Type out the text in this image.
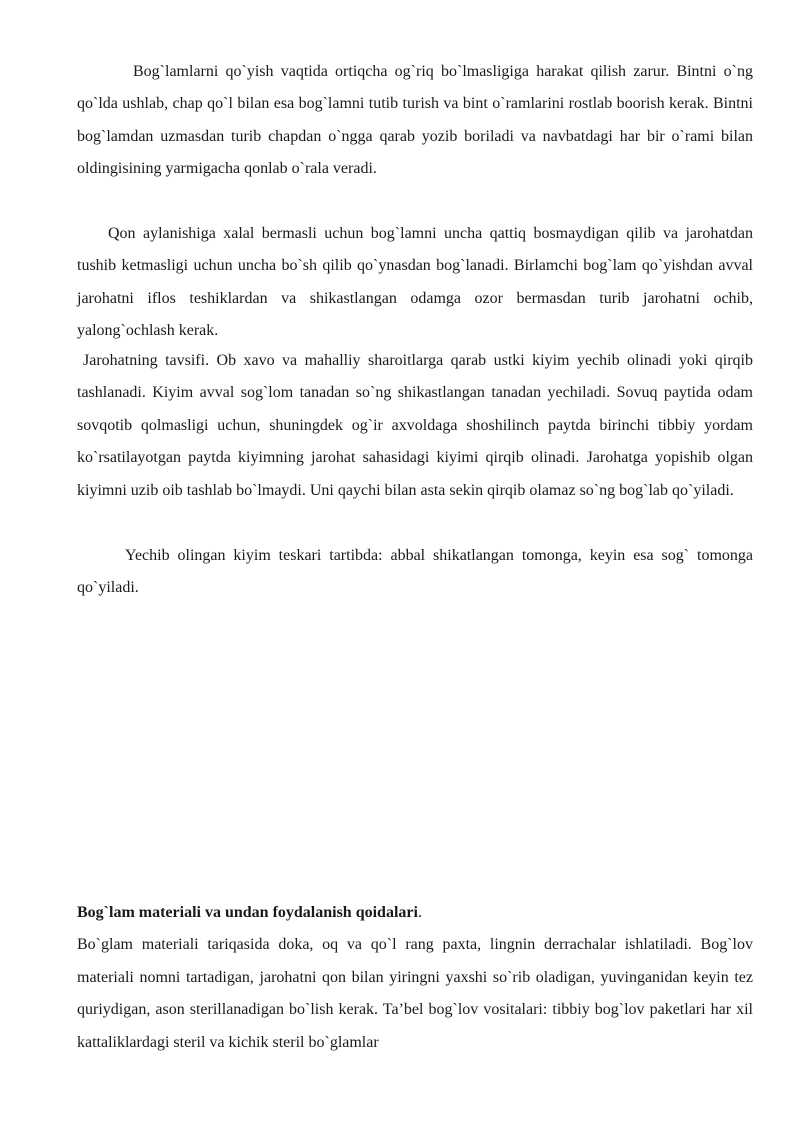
Bog`lamlarni qo`yish vaqtida ortiqcha og`riq bo`lmasligiga harakat qilish zarur. Bintni o`ng qo`lda ushlab, chap qo`l bilan esa bog`lamni tutib turish va bint o`ramlarini rostlab boorish kerak. Bintni bog`lamdan uzmasdan turib chapdan o`ngga qarab yozib boriladi va navbatdagi har bir o`rami bilan oldingisining yarmigacha qonlab o`rala veradi.

Qon aylanishiga xalal bermasli uchun bog`lamni uncha qattiq bosmaydigan qilib va jarohatdan tushib ketmasligi uchun uncha bo`sh qilib qo`ynasdan bog`lanadi. Birlamchi bog`lam qo`yishdan avval jarohatni iflos teshiklardan va shikastlangan odamga ozor bermasdan turib jarohatni ochib, yalong`ochlash kerak.

Jarohatning tavsifi. Ob xavo va mahalliy sharoitlarga qarab ustki kiyim yechib olinadi yoki qirqib tashlanadi. Kiyim avval sog`lom tanadan so`ng shikastlangan tanadan yechiladi. Sovuq paytida odam sovqotib qolmasligi uchun, shuningdek og`ir axvoldaga shoshilinch paytda birinchi tibbiy yordam ko`rsatilayotgan paytda kiyimning jarohat sahasidagi kiyimi qirqib olinadi. Jarohatga yopishib olgan kiyimni uzib oib tashlab bo`lmaydi. Uni qaychi bilan asta sekin qirqib olamaz so`ng bog`lab qo`yiladi.

Yechib olingan kiyim teskari tartibda: abbal shikatlangan tomonga, keyin esa sog` tomonga qo`yiladi.

Bog`lam materiali va undan foydalanish qoidalari.

Bo`glam materiali tariqasida doka, oq va qo`l rang paxta, lingnin derrachalar ishlatiladi. Bog`lov materiali nomni tartadigan, jarohatni qon bilan yiringni yaxshi so`rib oladigan, yuvinganidan keyin tez quriydigan, ason sterillanadigan bo`lish kerak. Ta’bel bog`lov vositalari: tibbiy bog`lov paketlari har xil kattaliklardagi steril va kichik steril bo`glamlar
